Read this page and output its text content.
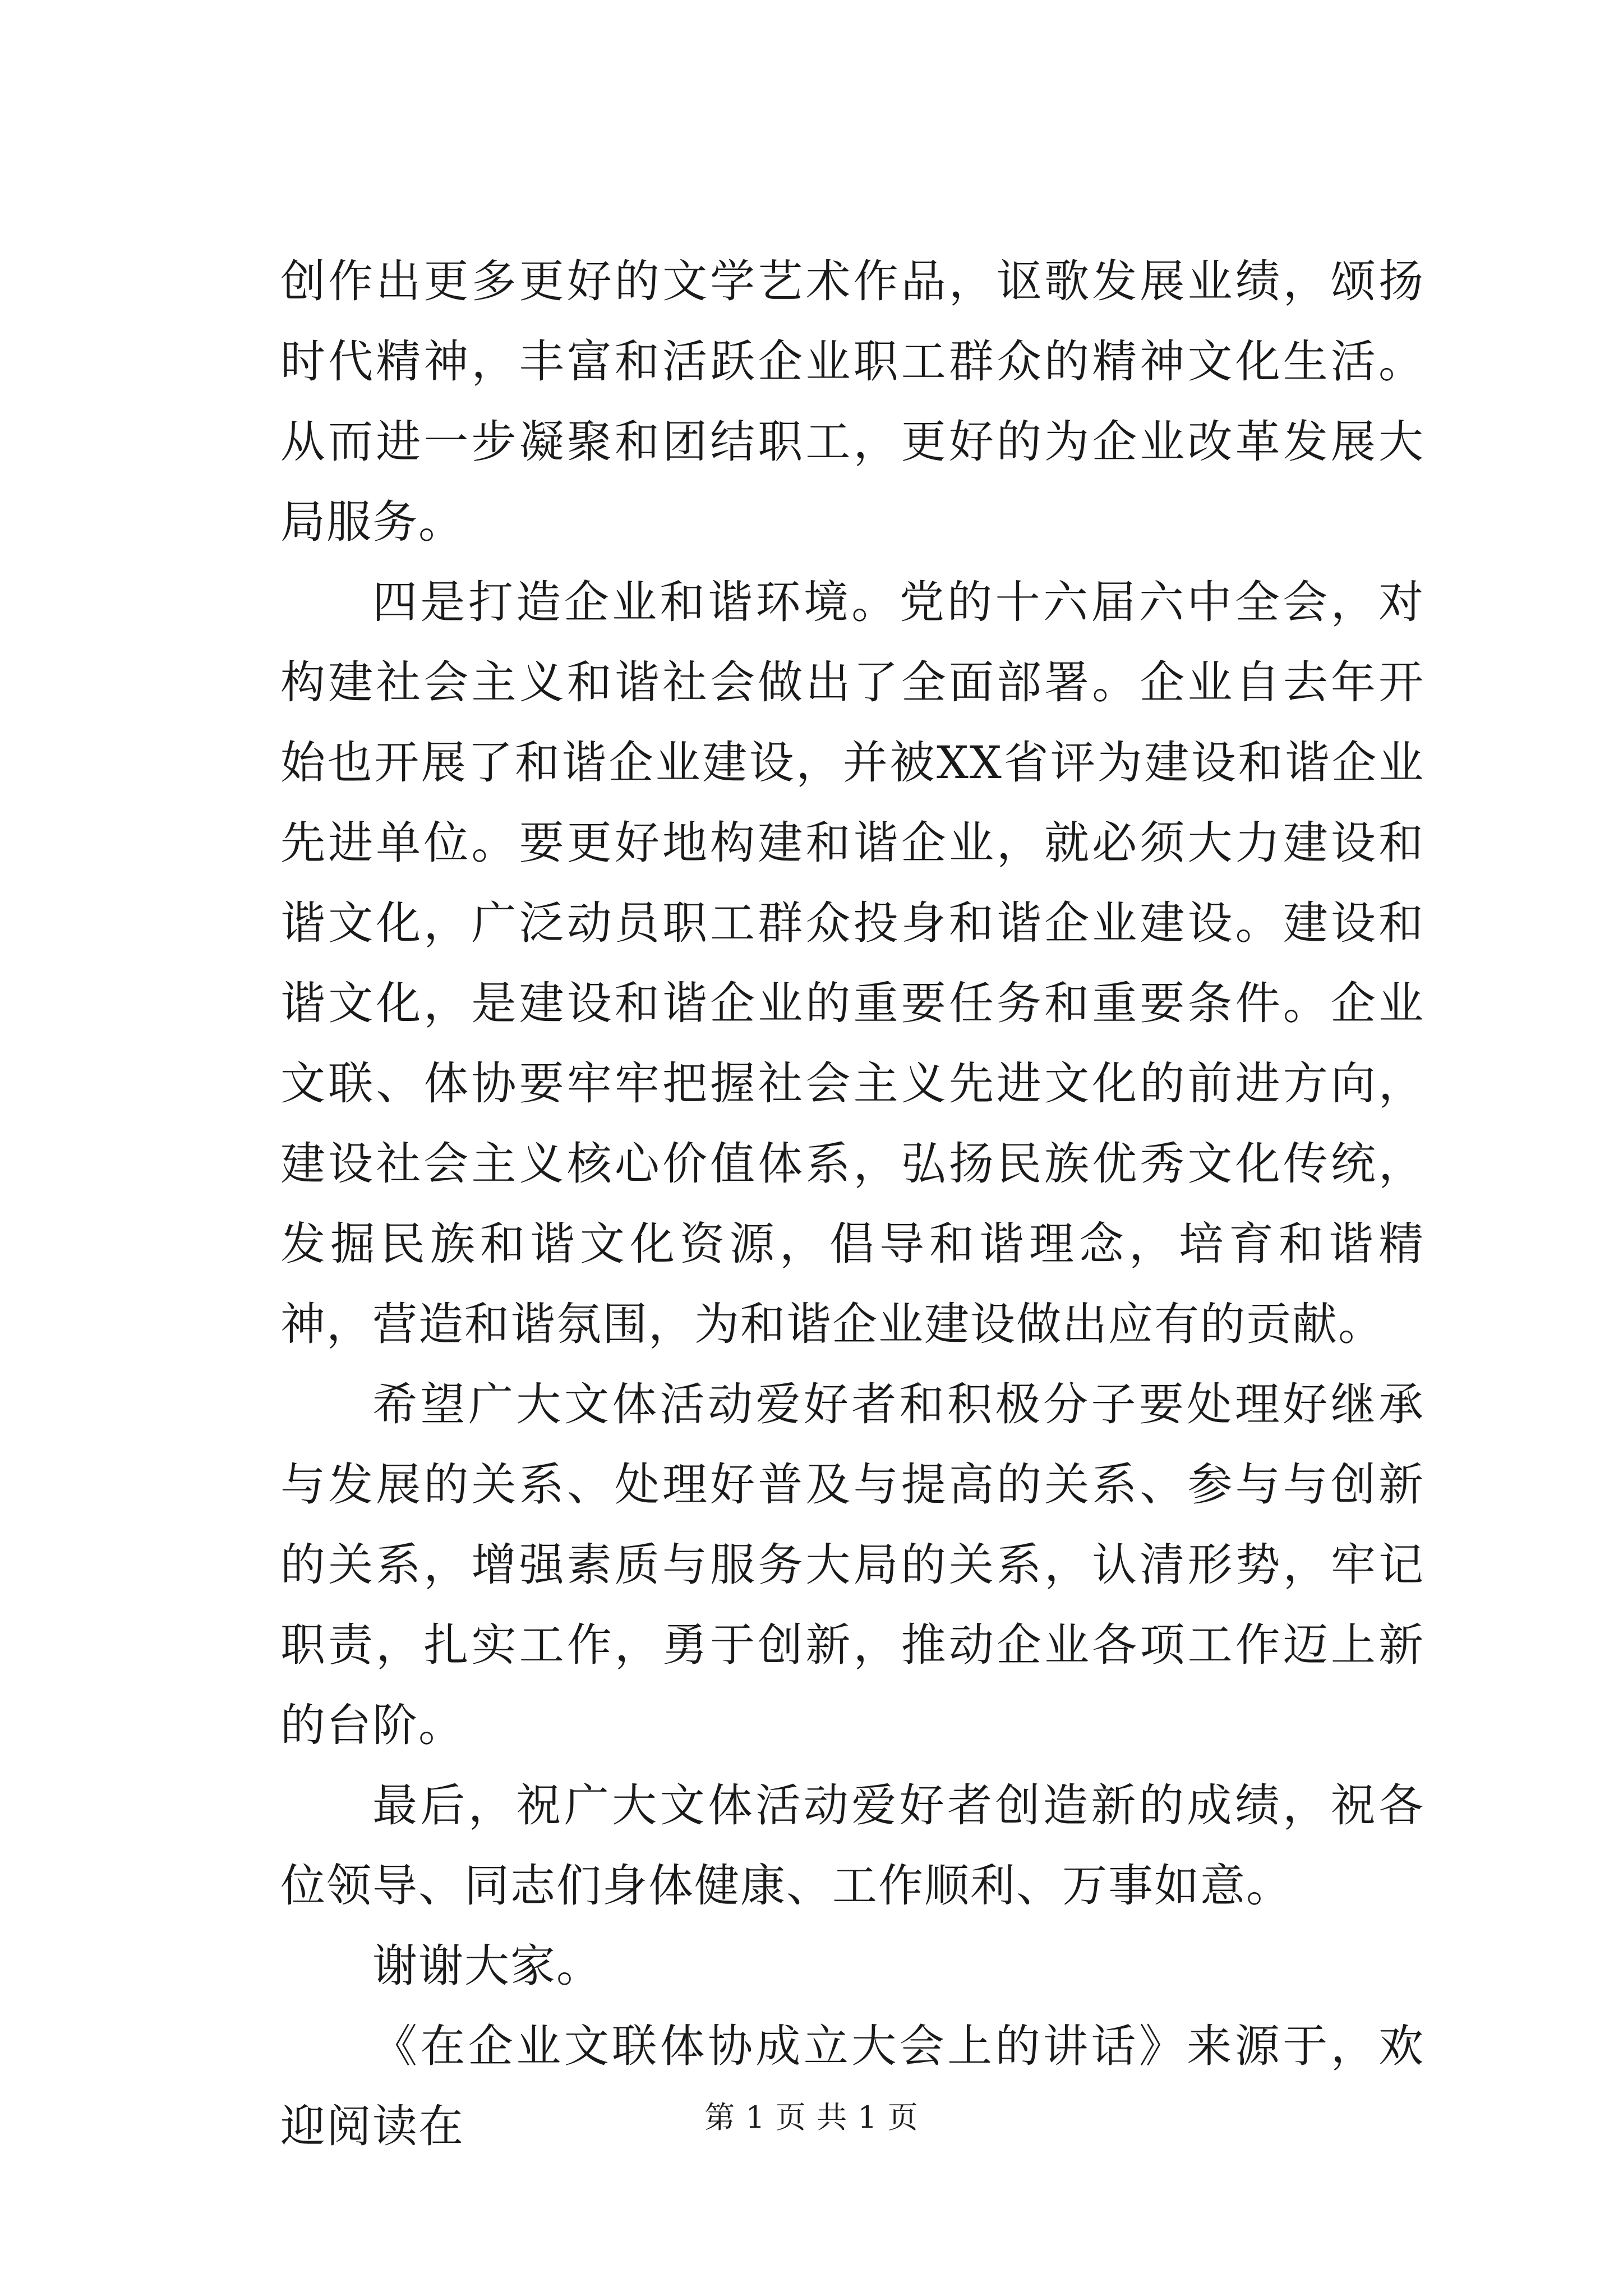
创作出更多更好的文学艺术作品，讴歌发展业绩，颂扬时代精神，丰富和活跃企业职工群众的精神文化生活。从而进一步凝聚和团结职工，更好的为企业改革发展大局服务。

四是打造企业和谐环境。党的十六届六中全会，对构建社会主义和谐社会做出了全面部署。企业自去年开始也开展了和谐企业建设，并被XX省评为建设和谐企业先进单位。要更好地构建和谐企业，就必须大力建设和谐文化，广泛动员职工群众投身和谐企业建设。建设和谐文化，是建设和谐企业的重要任务和重要条件。企业文联、体协要牢牢把握社会主义先进文化的前进方向，建设社会主义核心价值体系，弘扬民族优秀文化传统，发掘民族和谐文化资源，倡导和谐理念，培育和谐精神，营造和谐氛围，为和谐企业建设做出应有的贡献。

希望广大文体活动爱好者和积极分子要处理好继承与发展的关系、处理好普及与提高的关系、参与与创新的关系，增强素质与服务大局的关系，认清形势，牢记职责，扎实工作，勇于创新，推动企业各项工作迈上新的台阶。

最后，祝广大文体活动爱好者创造新的成绩，祝各位领导、同志们身体健康、工作顺利、万事如意。

谢谢大家。

《在企业文联体协成立大会上的讲话》来源于，欢迎阅读在	第 1 页 共 1 页
